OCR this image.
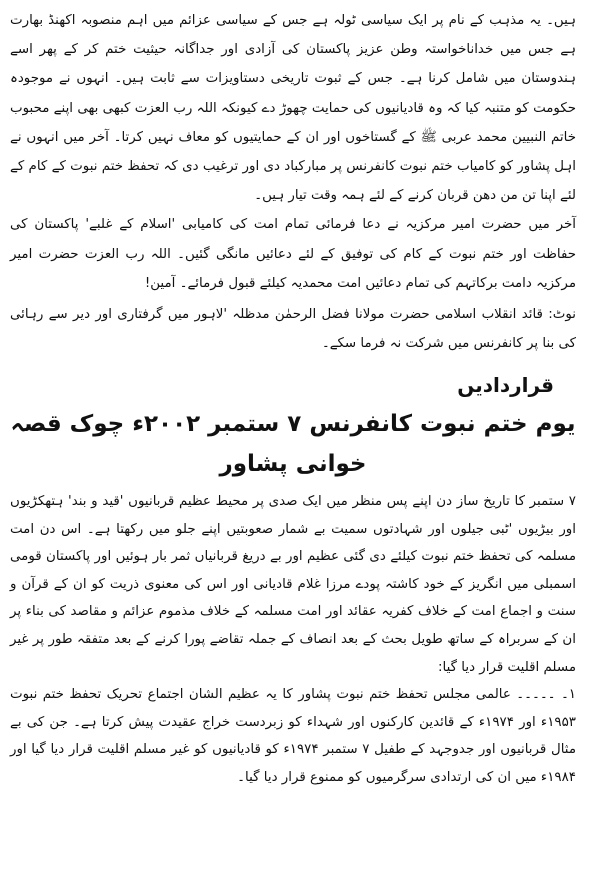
ہیں۔ یہ مذہب کے نام پر ایک سیاسی ٹولہ ہے جس کے سیاسی عزائم میں اہم منصوبہ اکھنڈ بھارت ہے جس میں خداناخواستہ وطن عزیز پاکستان کی آزادی اور جداگانہ حیثیت ختم کر کے پھر اسے ہندوستان میں شامل کرنا ہے۔ جس کے ثبوت تاریخی دستاویزات سے ثابت ہیں۔ انہوں نے موجودہ حکومت کو متنبہ کیا کہ وہ قادیانیوں کی حمایت چھوڑ دے کیونکہ اللہ رب العزت کبھی بھی اپنے محبوب خاتم النبیین محمد عربی ﷺ کے گستاخوں اور ان کے حمایتیوں کو معاف نہیں کرتا۔ آخر میں انہوں نے اہل پشاور کو کامیاب ختم نبوت کانفرنس پر مبارکباد دی اور ترغیب دی کہ تحفظ ختم نبوت کے کام کے لئے اپنا تن من دھن قربان کرنے کے لئے ہمہ وقت تیار ہیں۔

آخر میں حضرت امیر مرکزیہ نے دعا فرمائی تمام امت کی کامیابی 'اسلام کے غلبے' پاکستان کی حفاظت اور ختم نبوت کے کام کی توفیق کے لئے دعائیں مانگی گئیں۔ اللہ رب العزت حضرت امیر مرکزیہ دامت برکاتہم کی تمام دعائیں امت محمدیہ کیلئے قبول فرمائے۔ آمین!

نوٹ: قائد انقلاب اسلامی حضرت مولانا فضل الرحمٰن مدظلہ 'لاہور میں گرفتاری اور دیر سے رہائی کی بنا پر کانفرنس میں شرکت نہ فرما سکے۔

قراردادیں
یوم ختم نبوت کانفرنس ۷ ستمبر ۲۰۰۲ء چوک قصہ خوانی پشاور

۷ ستمبر کا تاریخ ساز دن اپنے پس منظر میں ایک صدی پر محیط عظیم قربانیوں 'قید و بند' ہتھکڑیوں اور بیڑیوں 'ٹبی جیلوں اور شہادتوں سمیت بے شمار صعوبتیں اپنے جلو میں رکھتا ہے۔ اس دن امت مسلمہ کی تحفظ ختم نبوت کیلئے دی گئی عظیم اور بے دریغ قربانیاں ثمر بار ہوئیں اور پاکستان قومی اسمبلی میں انگریز کے خود کاشتہ پودے مرزا غلام قادیانی اور اس کی معنوی ذریت کو ان کے قرآن و سنت و اجماع امت کے خلاف کفریہ عقائد اور امت مسلمہ کے خلاف مذموم عزائم و مقاصد کی بناء پر ان کے سربراہ کے ساتھ طویل بحث کے بعد انصاف کے جملہ تقاضے پورا کرنے کے بعد متفقہ طور پر غیر مسلم اقلیت قرار دیا گیا:

۱۔ ۔۔۔۔۔ عالمی مجلس تحفظ ختم نبوت پشاور کا یہ عظیم الشان اجتماع تحریک تحفظ ختم نبوت ۱۹۵۳ء اور ۱۹۷۴ء کے قائدین کارکنوں اور شہداء کو زبردست خراج عقیدت پیش کرتا ہے۔ جن کی بے مثال قربانیوں اور جدوجہد کے طفیل ۷ ستمبر ۱۹۷۴ء کو قادیانیوں کو غیر مسلم اقلیت قرار دیا گیا اور ۱۹۸۴ء میں ان کی ارتدادی سرگرمیوں کو ممنوع قرار دیا گیا۔
